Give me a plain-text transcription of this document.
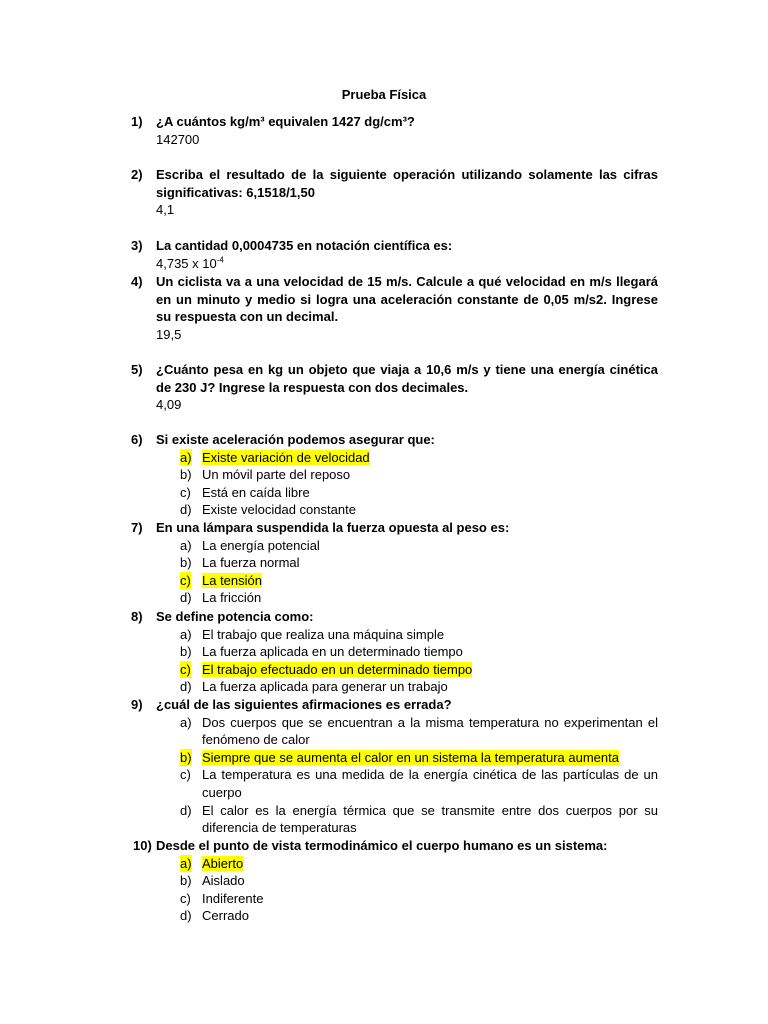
Prueba Física
1) ¿A cuántos kg/m³ equivalen 1427 dg/cm³?
142700
2) Escriba el resultado de la siguiente operación utilizando solamente las cifras significativas: 6,1518/1,50
4,1
3) La cantidad 0,0004735 en notación científica es:
4,735 x $10^{-4}$
4) Un ciclista va a una velocidad de 15 m/s. Calcule a qué velocidad en m/s llegará en un minuto y medio si logra una aceleración constante de 0,05 m/s2. Ingrese su respuesta con un decimal.
19,5
5) ¿Cuánto pesa en kg un objeto que viaja a 10,6 m/s y tiene una energía cinética de 230 J? Ingrese la respuesta con dos decimales.
4,09
6) Si existe aceleración podemos asegurar que:
a) Existe variación de velocidad
b) Un móvil parte del reposo
c) Está en caída libre
d) Existe velocidad constante
7) En una lámpara suspendida la fuerza opuesta al peso es:
a) La energía potencial
b) La fuerza normal
c) La tensión
d) La fricción
8) Se define potencia como:
a) El trabajo que realiza una máquina simple
b) La fuerza aplicada en un determinado tiempo
c) El trabajo efectuado en un determinado tiempo
d) La fuerza aplicada para generar un trabajo
9) ¿cuál de las siguientes afirmaciones es errada?
a) Dos cuerpos que se encuentran a la misma temperatura no experimentan el fenómeno de calor
b) Siempre que se aumenta el calor en un sistema la temperatura aumenta
c) La temperatura es una medida de la energía cinética de las partículas de un cuerpo
d) El calor es la energía térmica que se transmite entre dos cuerpos por su diferencia de temperaturas
10) Desde el punto de vista termodinámico el cuerpo humano es un sistema:
a) Abierto
b) Aislado
c) Indiferente
d) Cerrado
